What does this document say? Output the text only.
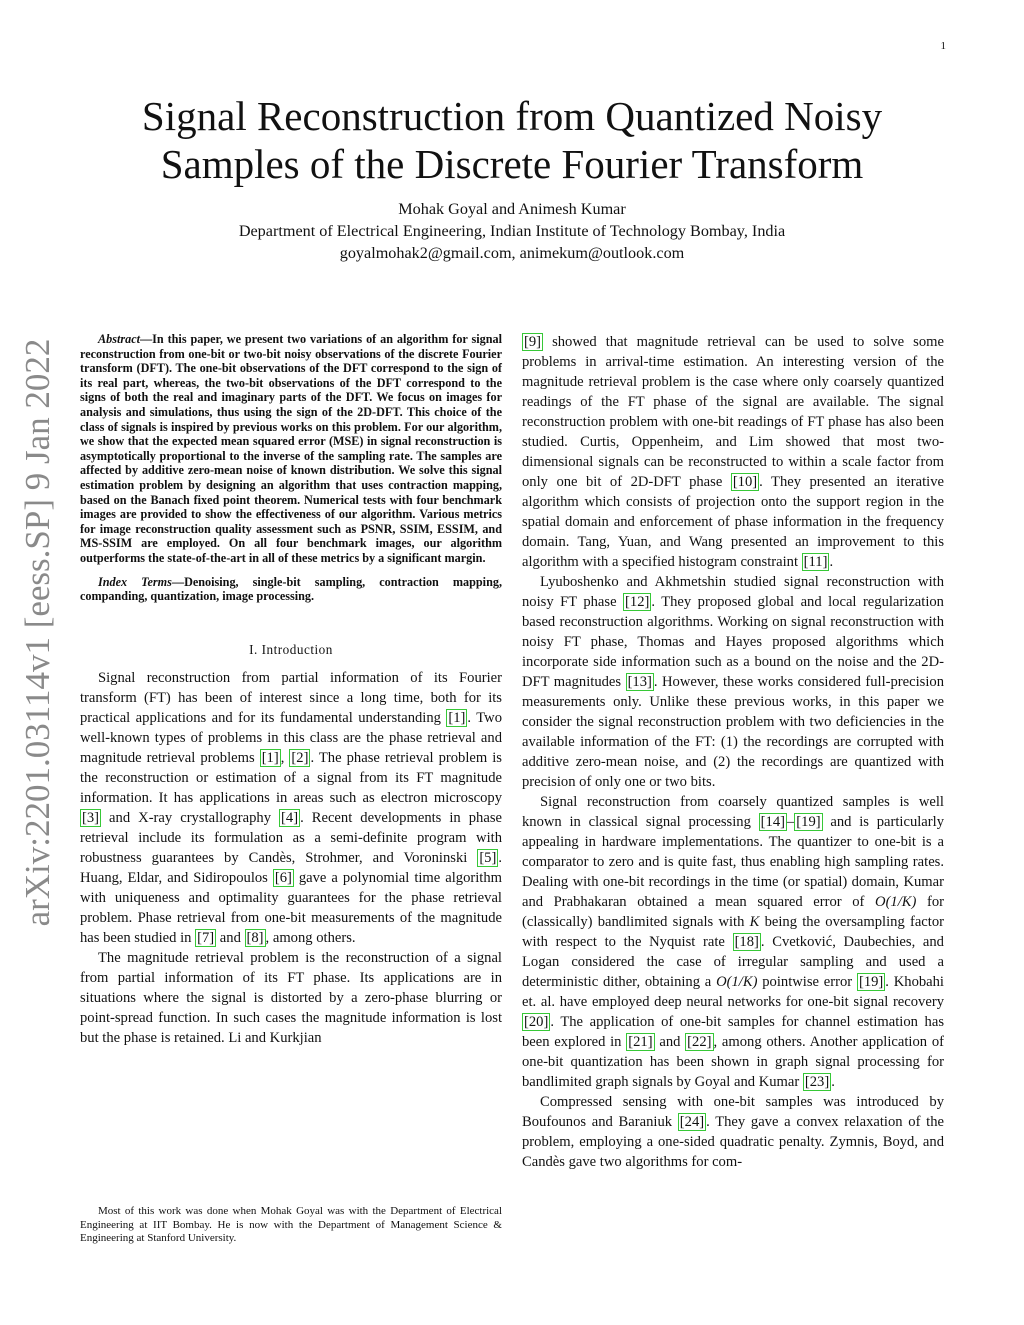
1
arXiv:2201.03114v1 [eess.SP] 9 Jan 2022
Signal Reconstruction from Quantized Noisy
Samples of the Discrete Fourier Transform
Mohak Goyal and Animesh Kumar
Department of Electrical Engineering, Indian Institute of Technology Bombay, India
goyalmohak2@gmail.com, animekum@outlook.com

Abstract—In this paper, we present two variations of an algorithm for signal reconstruction from one-bit or two-bit noisy observations of the discrete Fourier transform (DFT). The one-bit observations of the DFT correspond to the sign of its real part, whereas, the two-bit observations of the DFT correspond to the signs of both the real and imaginary parts of the DFT. We focus on images for analysis and simulations, thus using the sign of the 2D-DFT. This choice of the class of signals is inspired by previous works on this problem. For our algorithm, we show that the expected mean squared error (MSE) in signal reconstruction is asymptotically proportional to the inverse of the sampling rate. The samples are affected by additive zero-mean noise of known distribution. We solve this signal estimation problem by designing an algorithm that uses contraction mapping, based on the Banach fixed point theorem. Numerical tests with four benchmark images are provided to show the effectiveness of our algorithm. Various metrics for image reconstruction quality assessment such as PSNR, SSIM, ESSIM, and MS-SSIM are employed. On all four benchmark images, our algorithm outperforms the state-of-the-art in all of these metrics by a significant margin.

Index Terms—Denoising, single-bit sampling, contraction mapping, companding, quantization, image processing.

I. Introduction

Signal reconstruction from partial information of its Fourier transform (FT) has been of interest since a long time, both for its practical applications and for its fundamental understanding [1] . Two well-known types of problems in this class are the phase retrieval and magnitude retrieval problems [1] , [2] . The phase retrieval problem is the reconstruction or estimation of a signal from its FT magnitude information. It has applications in areas such as electron microscopy [3] and X-ray crystallography [4] . Recent developments in phase retrieval include its formulation as a semi-definite program with robustness guarantees by Candès, Strohmer, and Voroninski [5] . Huang, Eldar, and Sidiropoulos [6] gave a polynomial time algorithm with uniqueness and optimality guarantees for the phase retrieval problem. Phase retrieval from one-bit measurements of the magnitude has been studied in [7] and [8] , among others.

The magnitude retrieval problem is the reconstruction of a signal from partial information of its FT phase. Its applications are in situations where the signal is distorted by a zero-phase blurring or point-spread function. In such cases the magnitude information is lost but the phase is retained. Li and Kurkjian

Most of this work was done when Mohak Goyal was with the Department of Electrical Engineering at IIT Bombay. He is now with the Department of Management Science & Engineering at Stanford University.

[9] showed that magnitude retrieval can be used to solve some problems in arrival-time estimation. An interesting version of the magnitude retrieval problem is the case where only coarsely quantized readings of the FT phase of the signal are available. The signal reconstruction problem with one-bit readings of FT phase has also been studied. Curtis, Oppenheim, and Lim showed that most two-dimensional signals can be reconstructed to within a scale factor from only one bit of 2D-DFT phase [10] . They presented an iterative algorithm which consists of projection onto the support region in the spatial domain and enforcement of phase information in the frequency domain. Tang, Yuan, and Wang presented an improvement to this algorithm with a specified histogram constraint [11] .

Lyuboshenko and Akhmetshin studied signal reconstruction with noisy FT phase [12] . They proposed global and local regularization based reconstruction algorithms. Working on signal reconstruction with noisy FT phase, Thomas and Hayes proposed algorithms which incorporate side information such as a bound on the noise and the 2D-DFT magnitudes [13] . However, these works considered full-precision measurements only. Unlike these previous works, in this paper we consider the signal reconstruction problem with two deficiencies in the available information of the FT: (1) the recordings are corrupted with additive zero-mean noise, and (2) the recordings are quantized with precision of only one or two bits.

Signal reconstruction from coarsely quantized samples is well known in classical signal processing [14] – [19] and is particularly appealing in hardware implementations. The quantizer to one-bit is a comparator to zero and is quite fast, thus enabling high sampling rates. Dealing with one-bit recordings in the time (or spatial) domain, Kumar and Prabhakaran obtained a mean squared error of O(1/K) for (classically) bandlimited signals with K being the oversampling factor with respect to the Nyquist rate [18] . Cvetković, Daubechies, and Logan considered the case of irregular sampling and used a deterministic dither, obtaining a O(1/K) pointwise error [19] . Khobahi et. al. have employed deep neural networks for one-bit signal recovery [20] . The application of one-bit samples for channel estimation has been explored in [21] and [22] , among others. Another application of one-bit quantization has been shown in graph signal processing for bandlimited graph signals by Goyal and Kumar [23] .

Compressed sensing with one-bit samples was introduced by Boufounos and Baraniuk [24] . They gave a convex relaxation of the problem, employing a one-sided quadratic penalty. Zymnis, Boyd, and Candès gave two algorithms for com-
